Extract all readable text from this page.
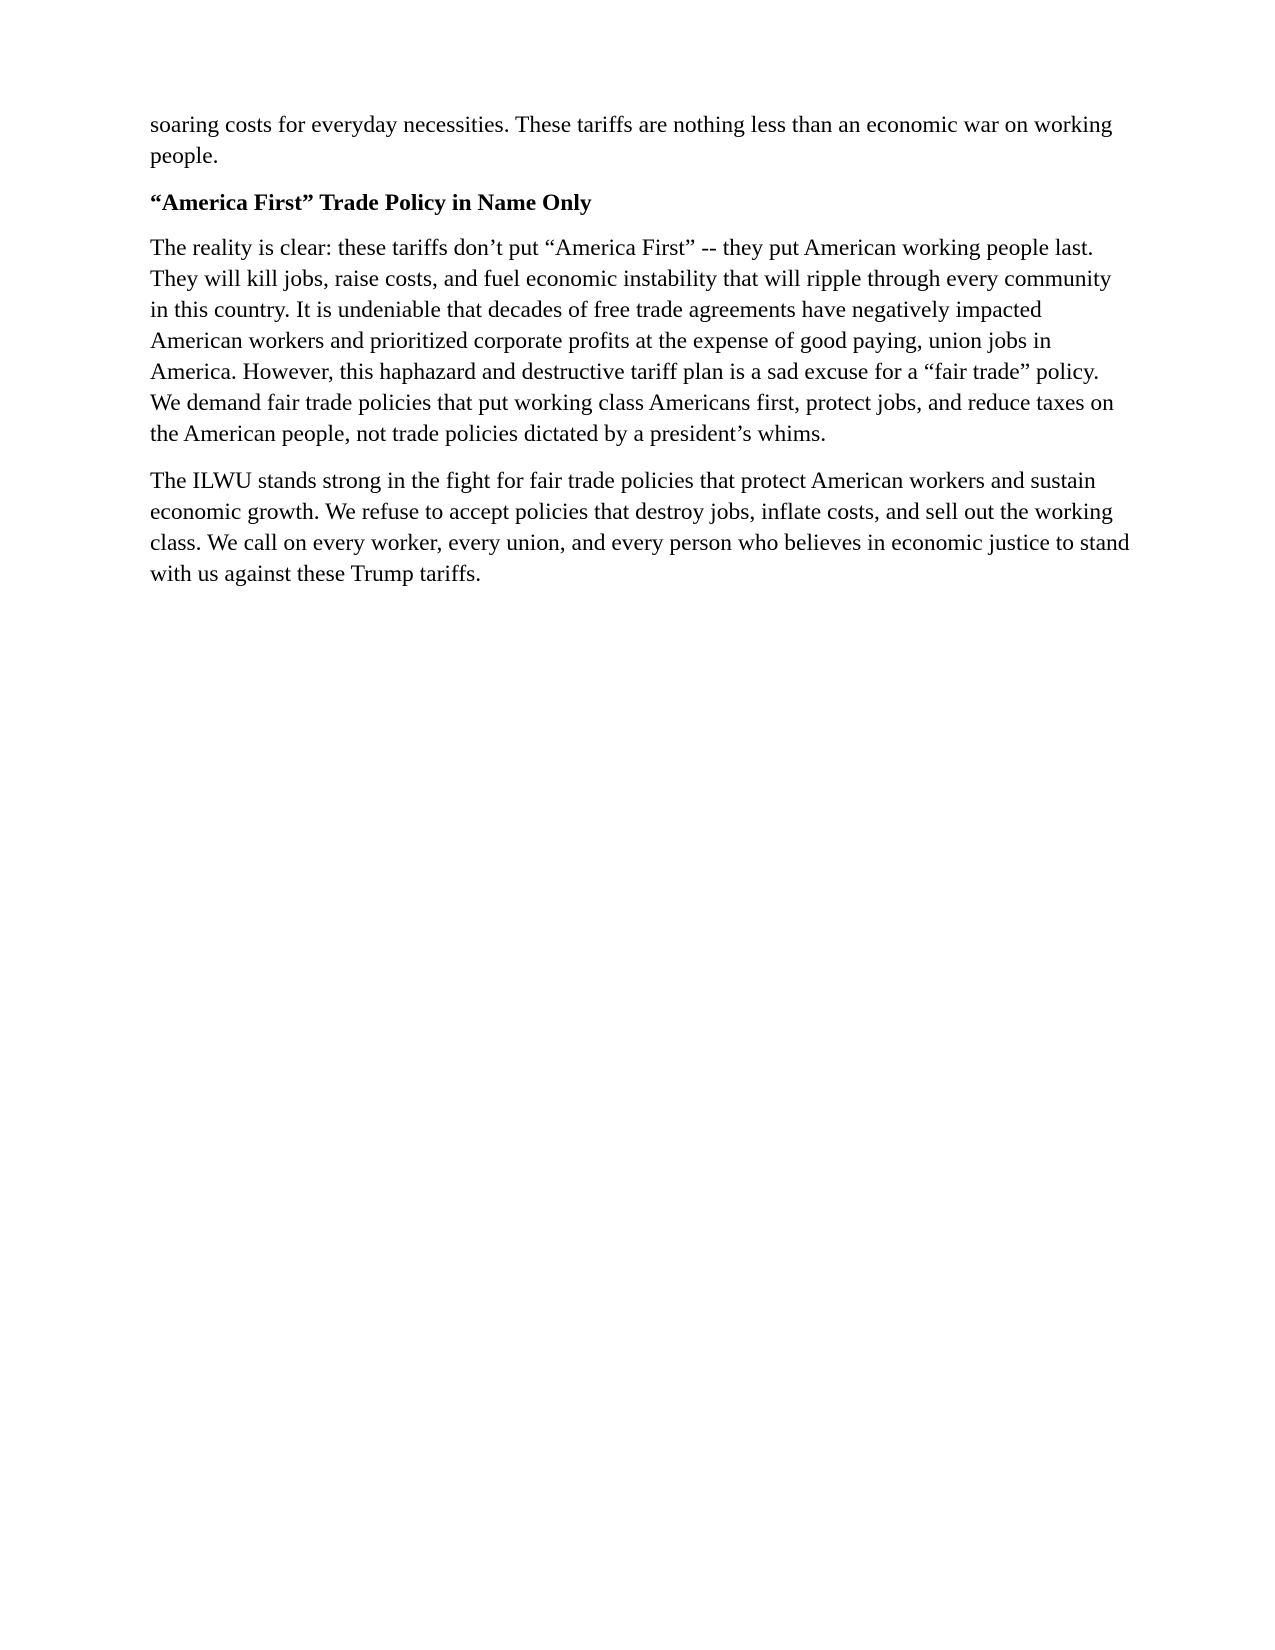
soaring costs for everyday necessities. These tariffs are nothing less than an economic war on working people.

“America First” Trade Policy in Name Only

The reality is clear: these tariffs don’t put “America First” -- they put American working people last. They will kill jobs, raise costs, and fuel economic instability that will ripple through every community in this country. It is undeniable that decades of free trade agreements have negatively impacted American workers and prioritized corporate profits at the expense of good paying, union jobs in America. However, this haphazard and destructive tariff plan is a sad excuse for a “fair trade” policy. We demand fair trade policies that put working class Americans first, protect jobs, and reduce taxes on the American people, not trade policies dictated by a president’s whims.

The ILWU stands strong in the fight for fair trade policies that protect American workers and sustain economic growth. We refuse to accept policies that destroy jobs, inflate costs, and sell out the working class. We call on every worker, every union, and every person who believes in economic justice to stand with us against these Trump tariffs.
